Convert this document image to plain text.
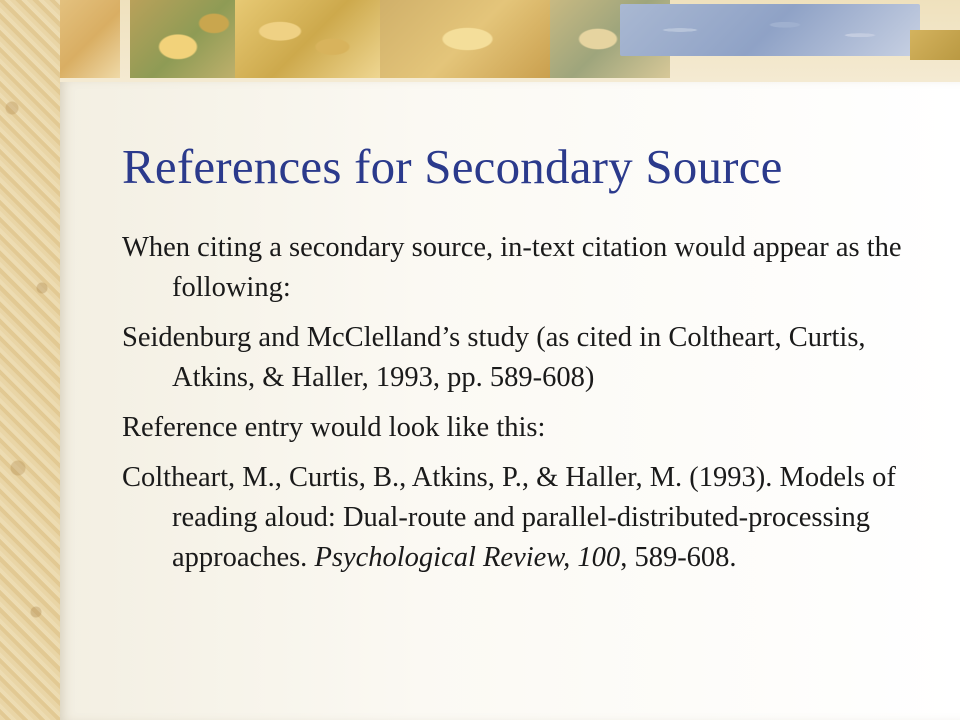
References for Secondary Source
When citing a secondary source, in-text citation would appear as the following:
Seidenburg and McClelland’s study (as cited in Coltheart, Curtis, Atkins, & Haller, 1993, pp. 589-608)
Reference entry would look like this:
Coltheart, M., Curtis, B., Atkins, P., & Haller, M. (1993). Models of reading aloud: Dual-route and parallel-distributed-processing approaches. Psychological Review, 100, 589-608.
